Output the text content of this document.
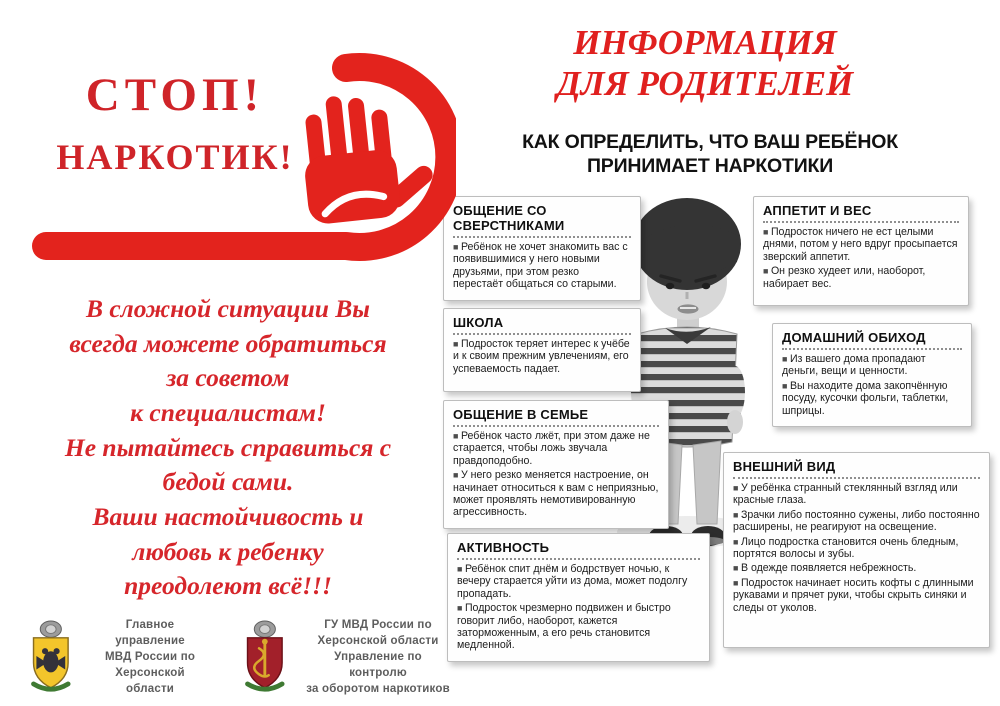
СТОП!
НАРКОТИК!
В сложной ситуации Вы
всегда можете обратиться
за советом
к специалистам!
Не пытайтесь справиться с
бедой сами.
Ваши настойчивость и
любовь к ребенку
преодолеют всё!!!
Главное управление
МВД России по
Херсонской области
ГУ МВД России по
Херсонской области
Управление по контролю
за оборотом наркотиков
ИНФОРМАЦИЯ
ДЛЯ РОДИТЕЛЕЙ
КАК ОПРЕДЕЛИТЬ, ЧТО ВАШ РЕБЁНОК
ПРИНИМАЕТ НАРКОТИКИ
ОБЩЕНИЕ СО СВЕРСТНИКАМИ
■ Ребёнок не хочет знакомить вас с появившимися у него новыми друзьями, при этом резко перестаёт общаться со старыми.
ШКОЛА
■ Подросток теряет интерес к учёбе и к своим прежним увлечениям, его успеваемость падает.
ОБЩЕНИЕ В СЕМЬЕ
■ Ребёнок часто лжёт, при этом даже не старается, чтобы ложь звучала правдоподобно.
■ У него резко меняется настроение, он начинает относиться к вам с неприязнью, может проявлять немотивированную агрессивность.
АКТИВНОСТЬ
■ Ребёнок спит днём и бодрствует ночью, к вечеру старается уйти из дома, может подолгу пропадать.
■ Подросток чрезмерно подвижен и быстро говорит либо, наоборот, кажется заторможенным, а его речь становится медленной.
АППЕТИТ И ВЕС
■ Подросток ничего не ест целыми днями, потом у него вдруг просыпается зверский аппетит.
■ Он резко худеет или, наоборот, набирает вес.
ДОМАШНИЙ ОБИХОД
■ Из вашего дома пропадают деньги, вещи и ценности.
■ Вы находите дома закопчённую посуду, кусочки фольги, таблетки, шприцы.
ВНЕШНИЙ ВИД
■ У ребёнка странный стеклянный взгляд или красные глаза.
■ Зрачки либо постоянно сужены, либо постоянно расширены, не реагируют на освещение.
■ Лицо подростка становится очень бледным, портятся волосы и зубы.
■ В одежде появляется небрежность.
■ Подросток начинает носить кофты с длинными рукавами и прячет руки, чтобы скрыть синяки и следы от уколов.
